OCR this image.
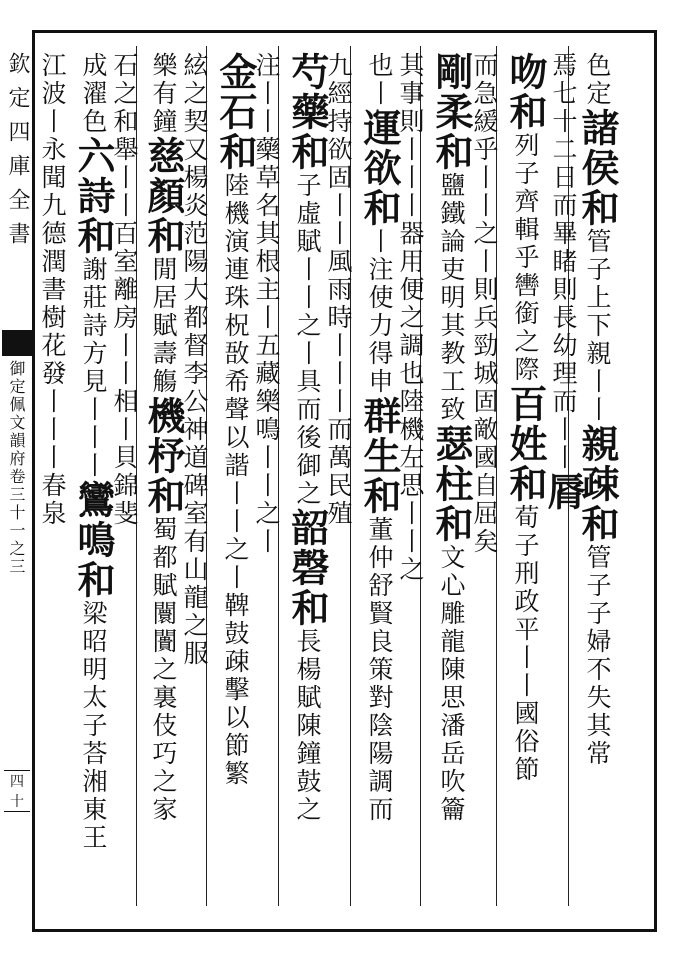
欽定四庫全書
御定佩文韻府卷三十一之三
四十
色定諸侯和管子上下親丨丨親疎和管子子婦不失其常
焉七十二日而畢睹則長幼理而丨丨脣
吻和列子齊輯乎轡銜之際百姓和荀子刑政平丨丨國俗節
而急緩乎丨丨之丨則兵勁城固敵國自屈矣
剛柔和鹽鐵論吏明其教工致瑟柱和文心雕龍陳思潘岳吹籥
其事則丨丨丨器用便之調也陸機左思丨丨之
也丨運欲和丨注使力得申群生和董仲舒賢良策對陰陽調而
九經持欲固丨丨風雨時丨丨丨而萬民殖
芍藥和子虛賦丨丨之丨具而後御之韶磬和長楊賦陳鐘鼓之
注丨丨藥草名其根主丨五藏樂鳴丨丨之丨
金石和陸機演連珠柷敔希聲以諧丨丨之丨鞞鼓疎擊以節繁
絃之契又楊炎范陽大都督李公神道碑室有山龍之服
樂有鐘慈顏和閒居賦壽觴機杼和蜀都賦闤闠之裏伎巧之家
石之和舉丨丨百室離房丨丨相丨貝錦斐
成濯色六詩和謝莊詩方見丨丨丨鸞鳴和梁昭明太子荅湘東王
江波丨永聞九德潤書樹花發丨丨丨春泉
